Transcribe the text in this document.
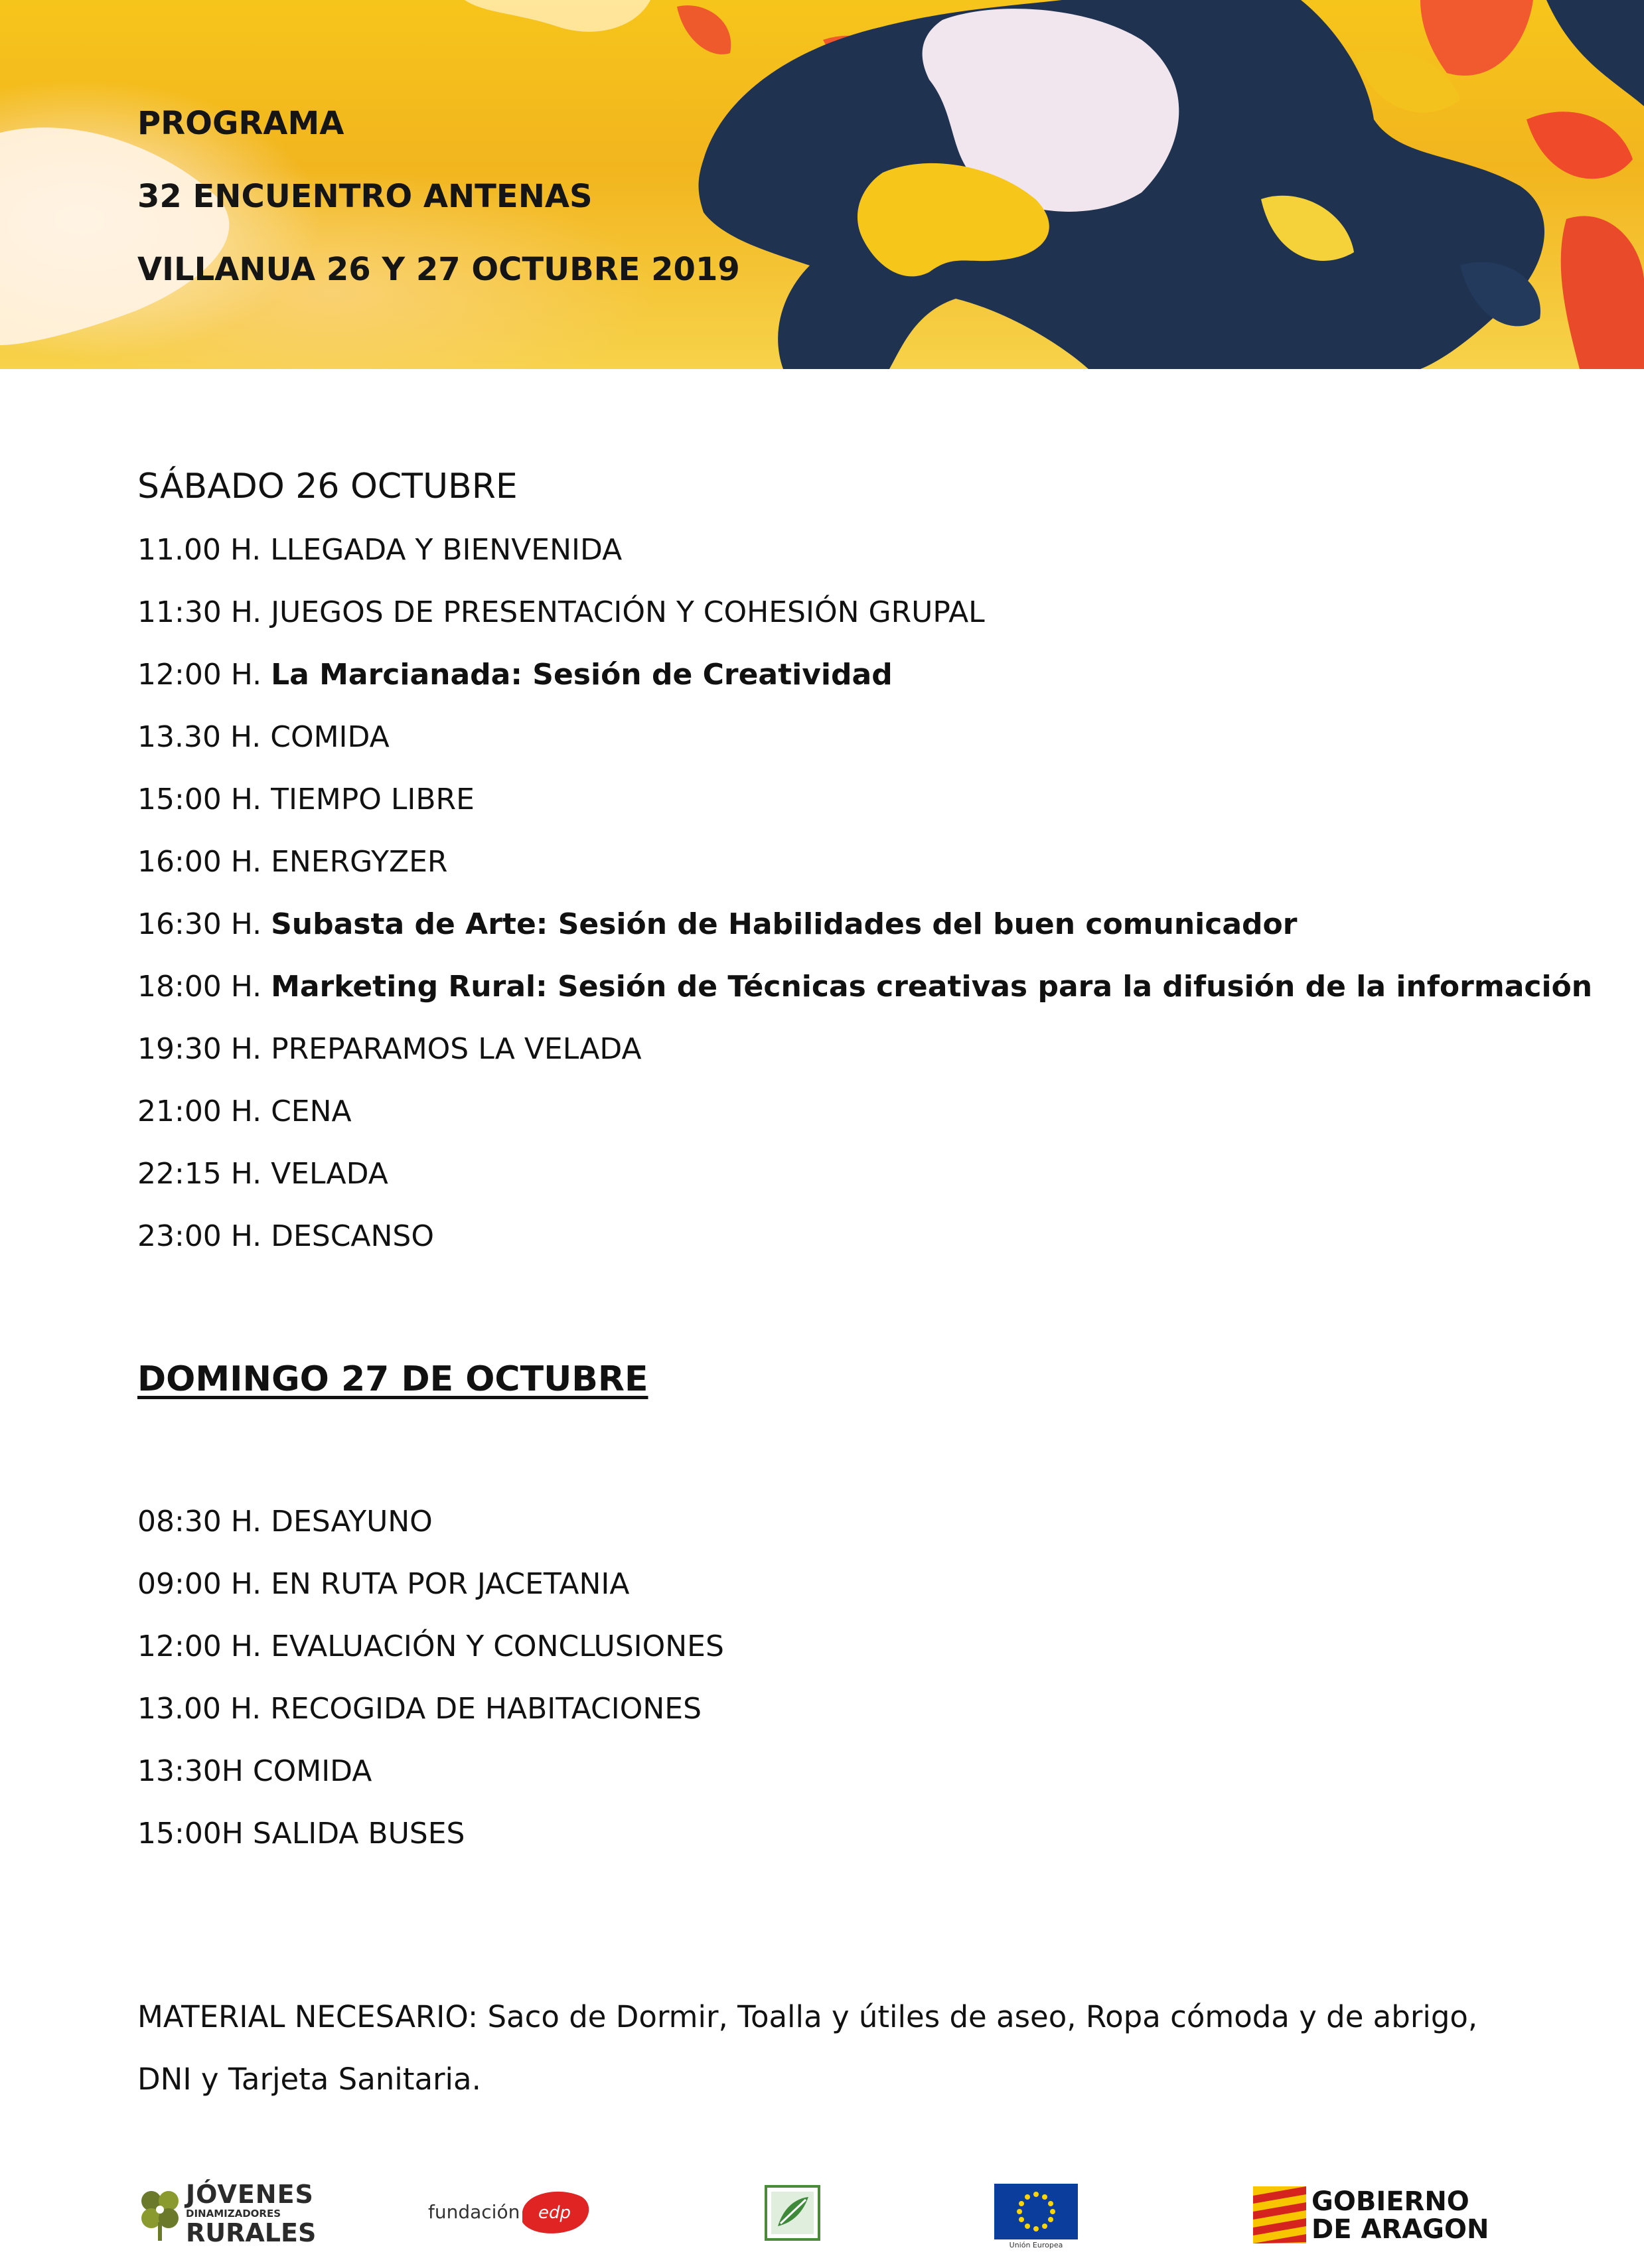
PROGRAMA

32 ENCUENTRO ANTENAS

VILLANUA 26 Y 27 OCTUBRE 2019

SÁBADO 26 OCTUBRE
11.00 H. LLEGADA Y BIENVENIDA
11:30 H. JUEGOS DE PRESENTACIÓN Y COHESIÓN GRUPAL
12:00 H. La Marcianada: Sesión de Creatividad
13.30 H. COMIDA
15:00 H. TIEMPO LIBRE
16:00 H. ENERGYZER
16:30 H. Subasta de Arte: Sesión de Habilidades del buen comunicador
18:00 H. Marketing Rural: Sesión de Técnicas creativas para la difusión de la información
19:30 H. PREPARAMOS LA VELADA
21:00 H. CENA
22:15 H. VELADA
23:00 H. DESCANSO
DOMINGO 27 DE OCTUBRE
08:30 H. DESAYUNO
09:00 H. EN RUTA POR JACETANIA
12:00 H. EVALUACIÓN Y CONCLUSIONES
13.00 H. RECOGIDA DE HABITACIONES
13:30H COMIDA
15:00H SALIDA BUSES

MATERIAL NECESARIO: Saco de Dormir, Toalla y útiles de aseo, Ropa cómoda y de abrigo, DNI y Tarjeta Sanitaria.

JÓVENES
DINAMIZADORES
RURALES
fundación edp
Unión Europea
GOBIERNO
DE ARAGON
